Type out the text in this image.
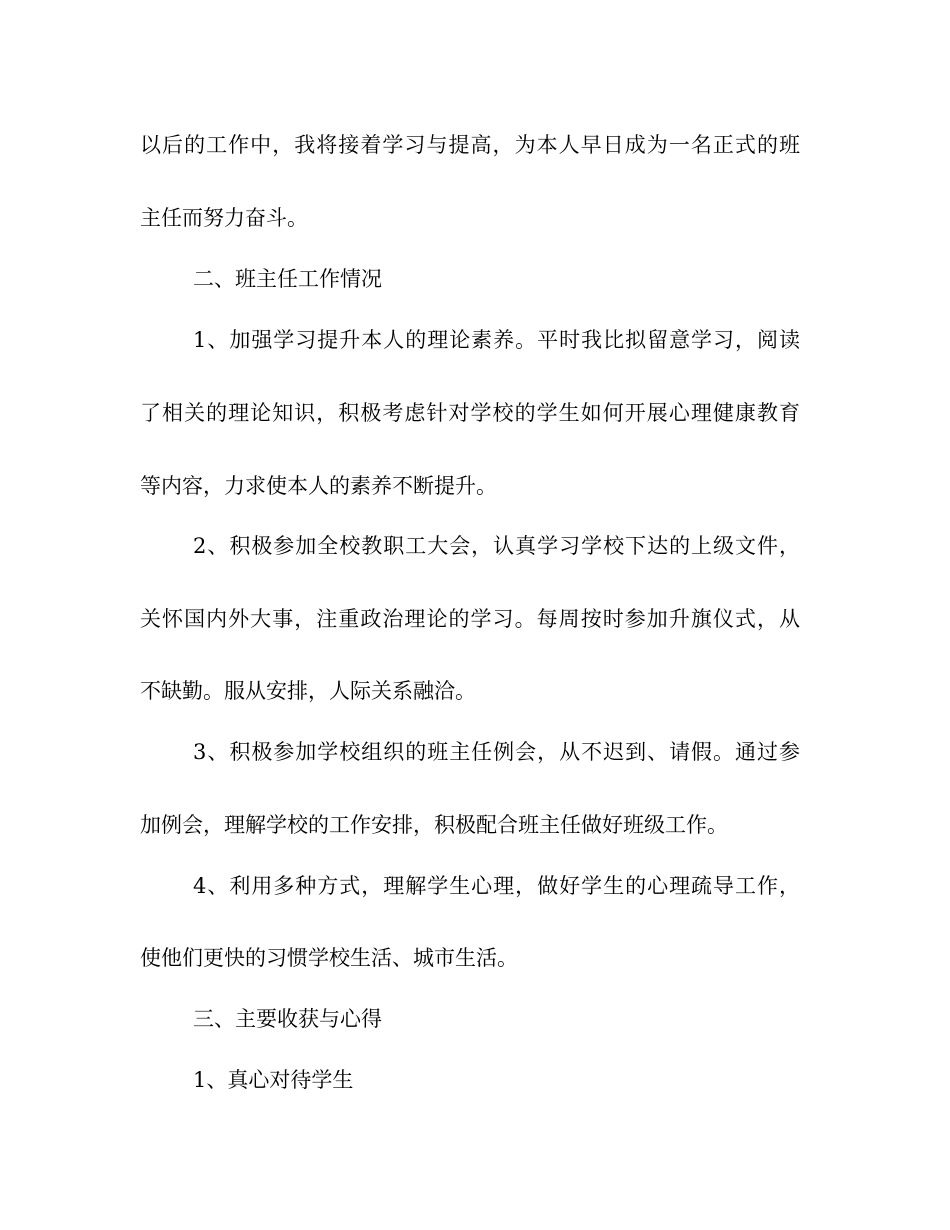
以后的工作中，我将接着学习与提高，为本人早日成为一名正式的班
主任而努力奋斗。
二、班主任工作情况
1、加强学习提升本人的理论素养。平时我比拟留意学习，阅读
了相关的理论知识，积极考虑针对学校的学生如何开展心理健康教育
等内容，力求使本人的素养不断提升。
2、积极参加全校教职工大会，认真学习学校下达的上级文件，
关怀国内外大事，注重政治理论的学习。每周按时参加升旗仪式，从
不缺勤。服从安排，人际关系融洽。
3、积极参加学校组织的班主任例会，从不迟到、请假。通过参
加例会，理解学校的工作安排，积极配合班主任做好班级工作。
4、利用多种方式，理解学生心理，做好学生的心理疏导工作，
使他们更快的习惯学校生活、城市生活。
三、主要收获与心得
1、真心对待学生
